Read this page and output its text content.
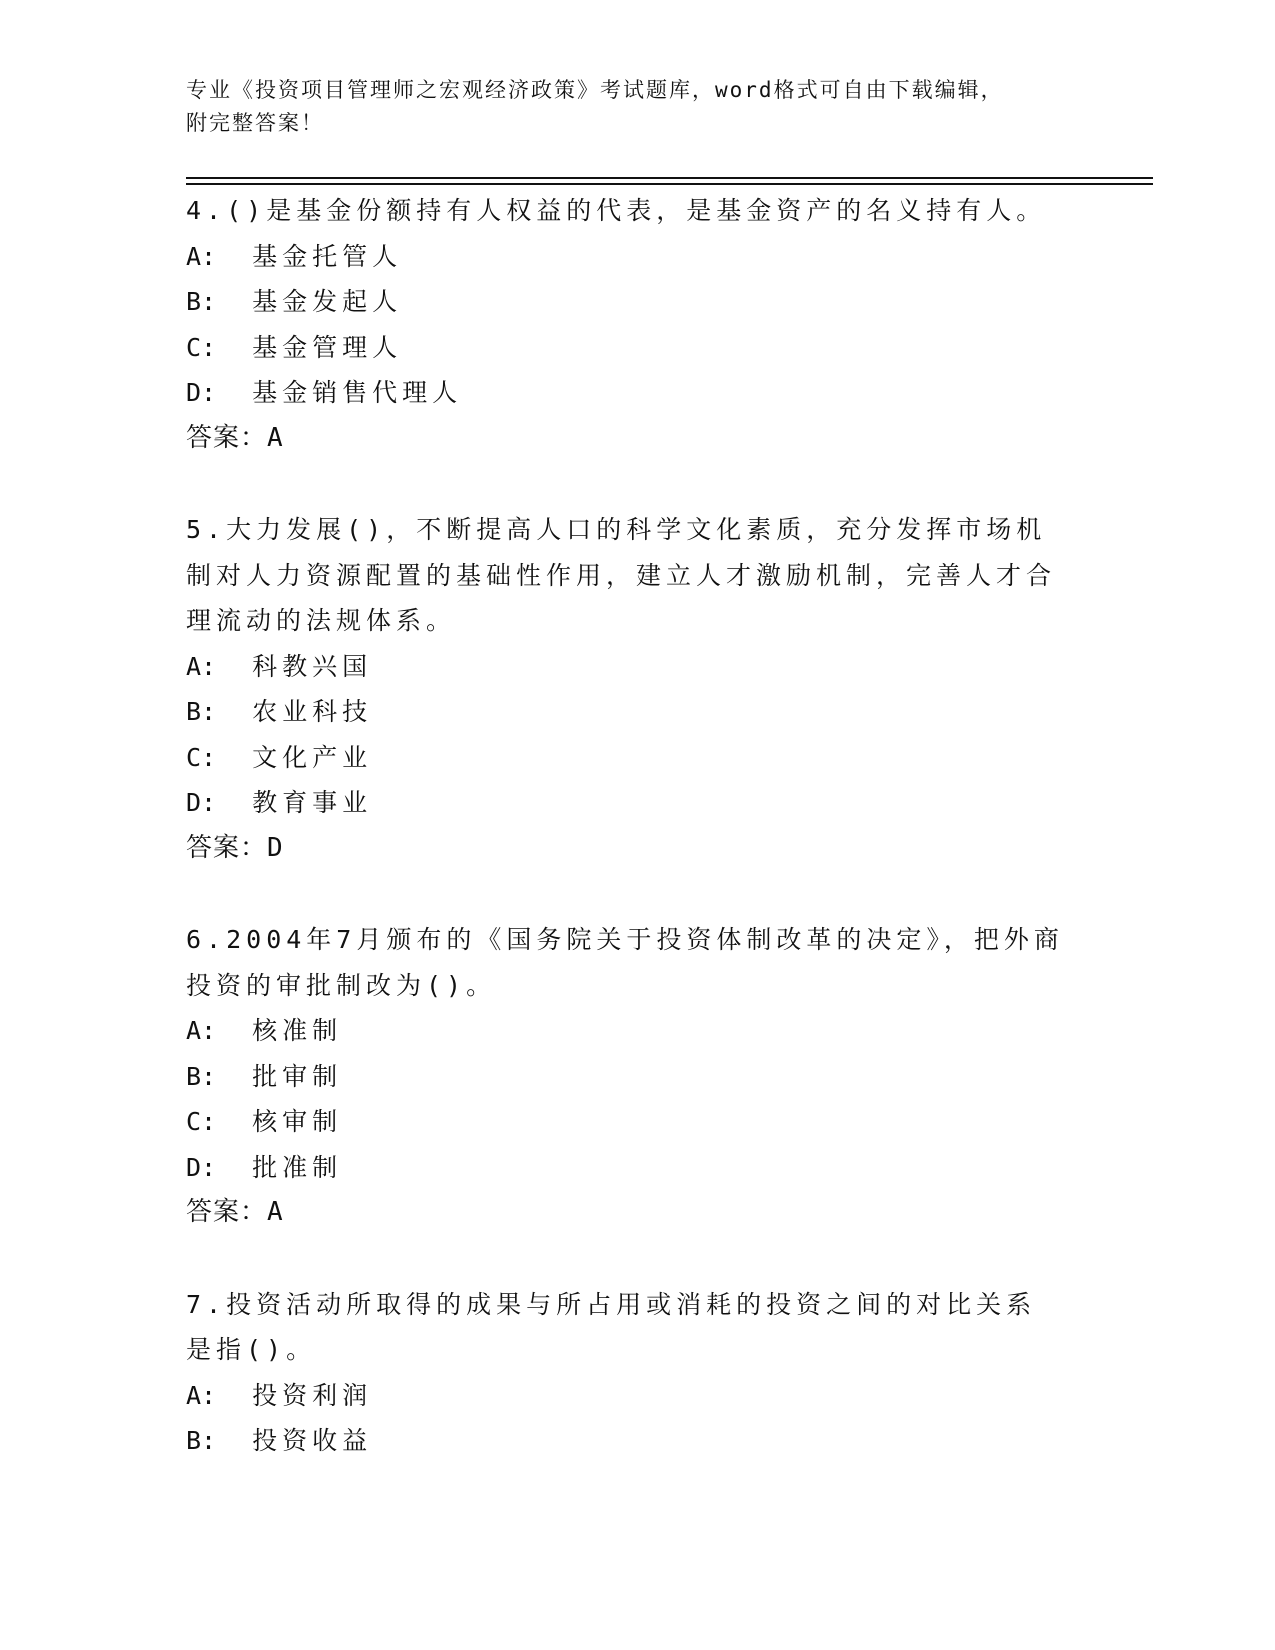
专业《投资项目管理师之宏观经济政策》考试题库，word格式可自由下载编辑，
附完整答案！

4.()是基金份额持有人权益的代表，是基金资产的名义持有人。

A: 基金托管人

B: 基金发起人

C: 基金管理人

D: 基金销售代理人

答案：A

5.大力发展()，不断提高人口的科学文化素质，充分发挥市场机制对人力资源配置的基础性作用，建立人才激励机制，完善人才合理流动的法规体系。

A: 科教兴国

B: 农业科技

C: 文化产业

D: 教育事业

答案：D

6.2004年7月颁布的《国务院关于投资体制改革的决定》，把外商投资的审批制改为()。

A: 核准制

B: 批审制

C: 核审制

D: 批准制

答案：A

7.投资活动所取得的成果与所占用或消耗的投资之间的对比关系是指()。

A: 投资利润

B: 投资收益
